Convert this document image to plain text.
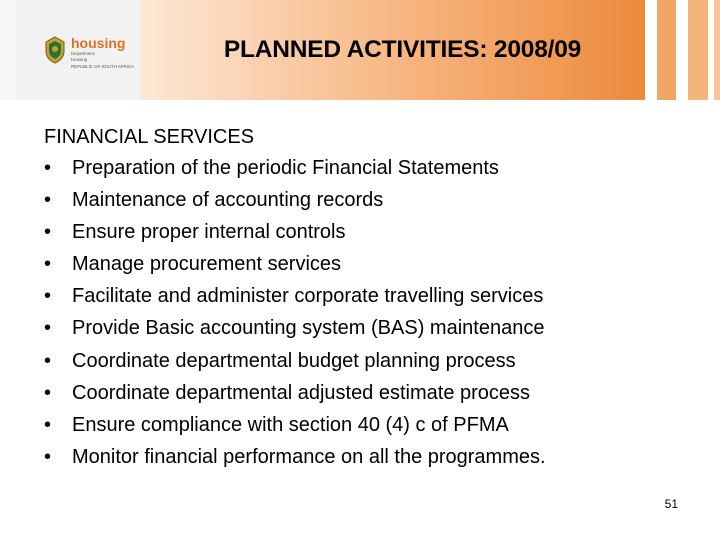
housing
Department:
Housing
REPUBLIC OF SOUTH AFRICA
PLANNED ACTIVITIES: 2008/09
FINANCIAL SERVICES
•	Preparation of the periodic Financial Statements
•	Maintenance of accounting records
•	Ensure proper internal controls
•	Manage procurement services
•	Facilitate and administer corporate travelling services
•	Provide Basic accounting system (BAS) maintenance
•	Coordinate departmental budget planning process
•	Coordinate departmental adjusted estimate process
•	Ensure compliance with section 40 (4) c of PFMA
•	Monitor financial performance on all the programmes.
51
